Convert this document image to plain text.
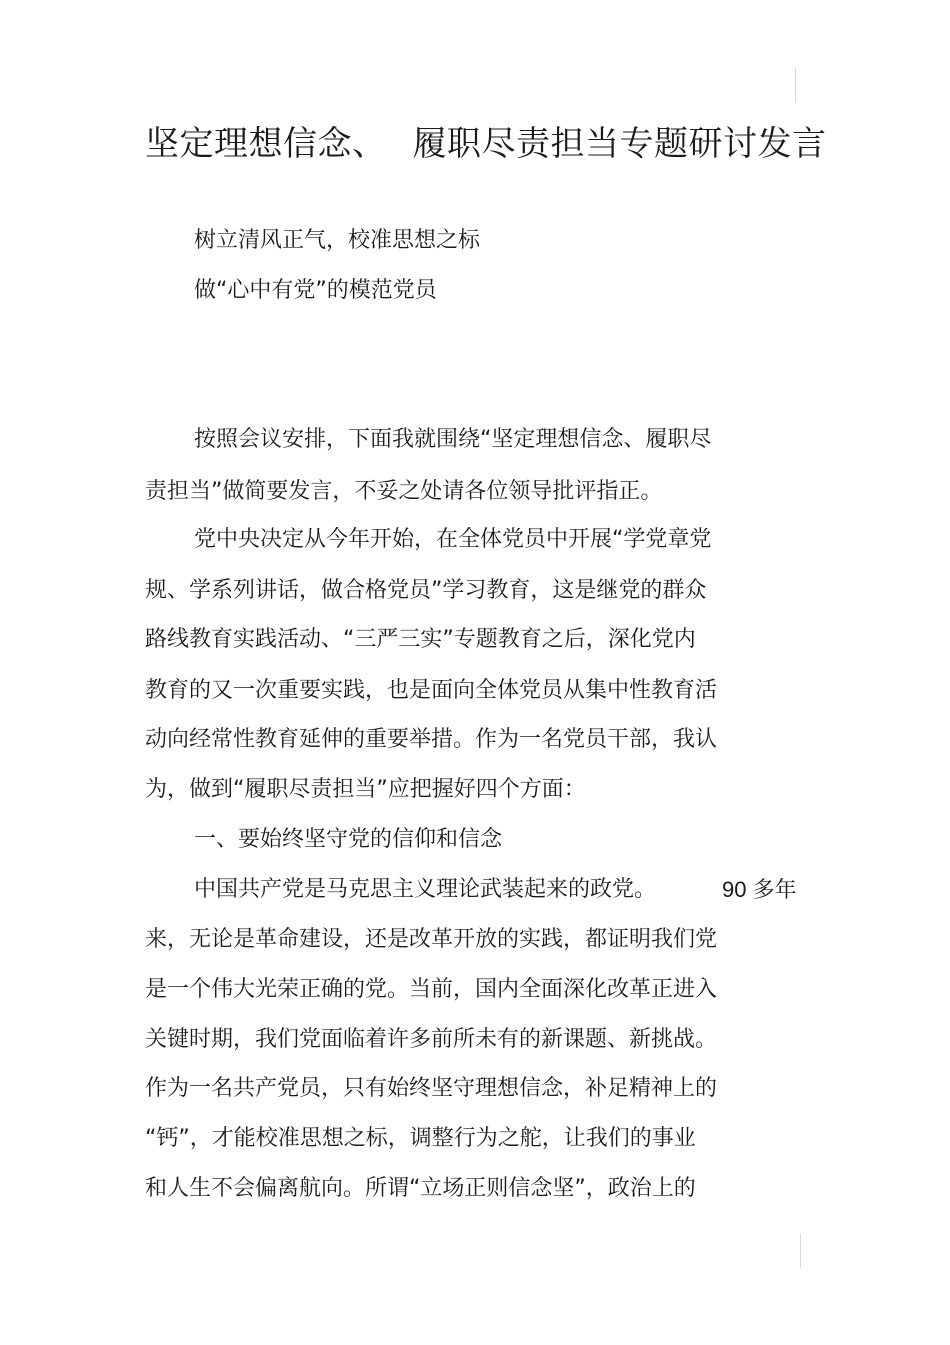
坚定理想信念、 履职尽责担当专题研讨发言
树立清风正气，校准思想之标
做“心中有党”的模范党员
按照会议安排，下面我就围绕“坚定理想信念、履职尽
责担当”做简要发言，不妥之处请各位领导批评指正。
党中央决定从今年开始，在全体党员中开展“学党章党
规、学系列讲话，做合格党员”学习教育，这是继党的群众
路线教育实践活动、“三严三实”专题教育之后，深化党内
教育的又一次重要实践，也是面向全体党员从集中性教育活
动向经常性教育延伸的重要举措。作为一名党员干部，我认
为，做到“履职尽责担当”应把握好四个方面：
一、要始终坚守党的信仰和信念
中国共产党是马克思主义理论武装起来的政党。	90 多年
来，无论是革命建设，还是改革开放的实践，都证明我们党
是一个伟大光荣正确的党。当前，国内全面深化改革正进入
关键时期，我们党面临着许多前所未有的新课题、新挑战。
作为一名共产党员，只有始终坚守理想信念，补足精神上的
“钙”，才能校准思想之标，调整行为之舵，让我们的事业
和人生不会偏离航向。所谓“立场正则信念坚”，政治上的
